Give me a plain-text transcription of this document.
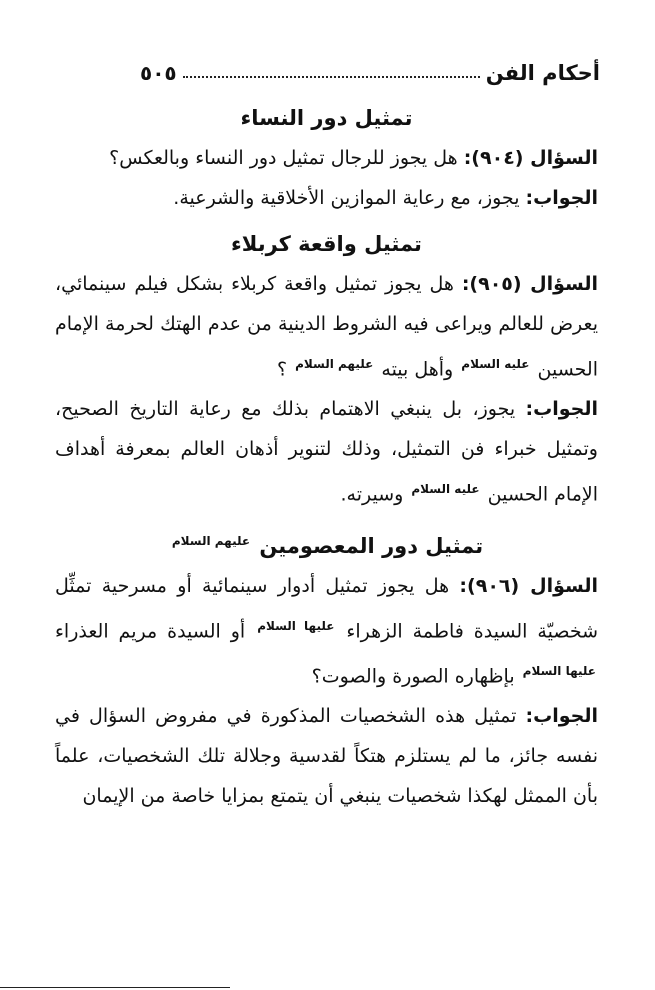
أحكام الفن
٥٠٥
تمثيل دور النساء

السؤال (٩٠٤): هل يجوز للرجال تمثيل دور النساء وبالعكس؟

الجواب: يجوز، مع رعاية الموازين الأخلاقية والشرعية.

تمثيل واقعة كربلاء

السؤال (٩٠٥): هل يجوز تمثيل واقعة كربلاء بشكل فيلم سينمائي، يعرض للعالم ويراعى فيه الشروط الدينية من عدم الهتك لحرمة الإمام الحسين $^{عليه السلام}$ وأهل بيته $^{عليهم السلام}$ ؟

الجواب: يجوز، بل ينبغي الاهتمام بذلك مع رعاية التاريخ الصحيح، وتمثيل خبراء فن التمثيل، وذلك لتنوير أذهان العالم بمعرفة أهداف الإمام الحسين $^{عليه السلام}$ وسيرته.

تمثيل دور المعصومين $^{عليهم السلام}$

السؤال (٩٠٦): هل يجوز تمثيل أدوار سينمائية أو مسرحية تمثِّل شخصيّة السيدة فاطمة الزهراء $^{عليها السلام}$ أو السيدة مريم العذراء $^{عليها السلام}$ بإظهاره الصورة والصوت؟

الجواب: تمثيل هذه الشخصيات المذكورة في مفروض السؤال في نفسه جائز، ما لم يستلزم هتكاً لقدسية وجلالة تلك الشخصيات، علماً بأن الممثل لهكذا شخصيات ينبغي أن يتمتع بمزايا خاصة من الإيمان
